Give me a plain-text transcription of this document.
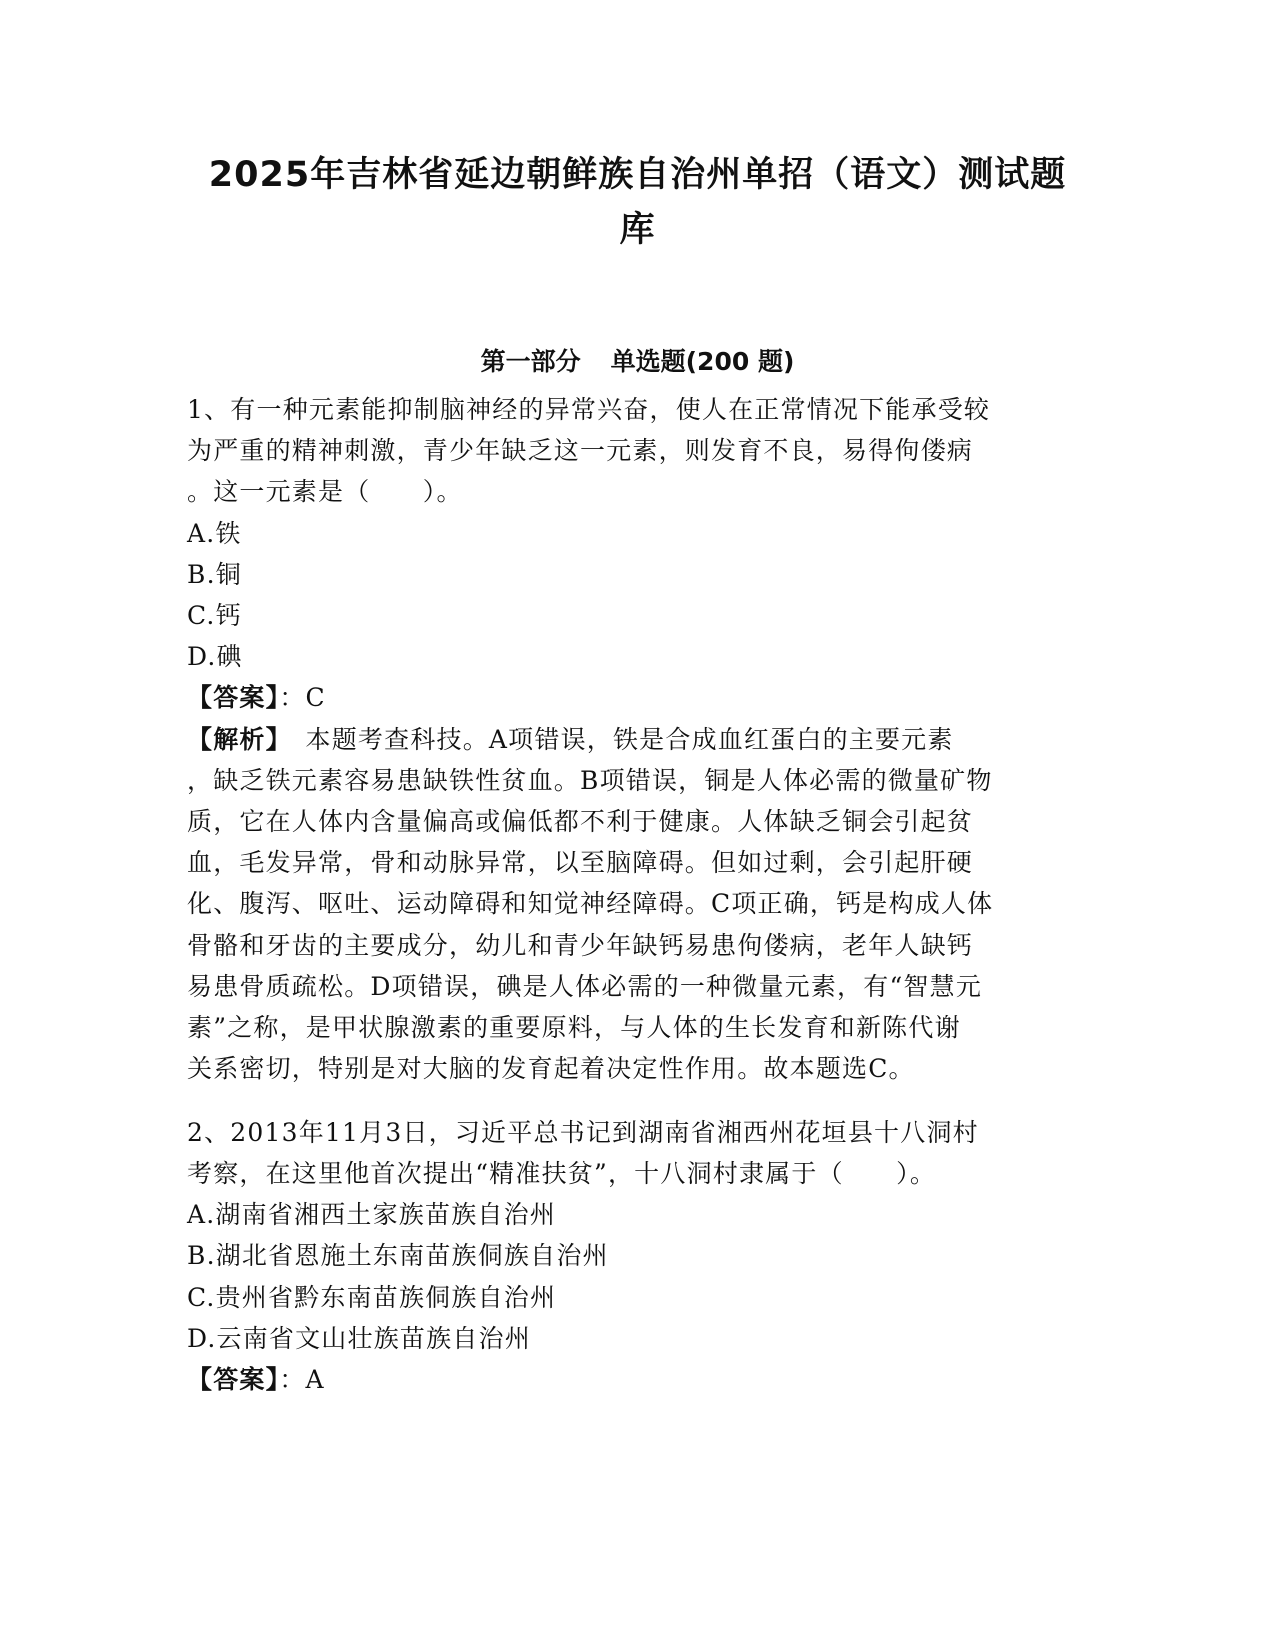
2025年吉林省延边朝鲜族自治州单招（语文）测试题
库
第一部分 单选题(200 题)
1、有一种元素能抑制脑神经的异常兴奋，使人在正常情况下能承受较
为严重的精神刺激，青少年缺乏这一元素，则发育不良，易得佝偻病
。这一元素是（　　）。
A.铁
B.铜
C.钙
D.碘
【答案】：C
【解析】　本题考查科技。A项错误，铁是合成血红蛋白的主要元素
，缺乏铁元素容易患缺铁性贫血。B项错误，铜是人体必需的微量矿物
质，它在人体内含量偏高或偏低都不利于健康。人体缺乏铜会引起贫
血，毛发异常，骨和动脉异常，以至脑障碍。但如过剩，会引起肝硬
化、腹泻、呕吐、运动障碍和知觉神经障碍。C项正确，钙是构成人体
骨骼和牙齿的主要成分，幼儿和青少年缺钙易患佝偻病，老年人缺钙
易患骨质疏松。D项错误，碘是人体必需的一种微量元素，有“智慧元
素”之称，是甲状腺激素的重要原料，与人体的生长发育和新陈代谢
关系密切，特别是对大脑的发育起着决定性作用。故本题选C。
2、2013年11月3日，习近平总书记到湖南省湘西州花垣县十八洞村
考察，在这里他首次提出“精准扶贫”，十八洞村隶属于（　　）。
A.湖南省湘西土家族苗族自治州
B.湖北省恩施土东南苗族侗族自治州
C.贵州省黔东南苗族侗族自治州
D.云南省文山壮族苗族自治州
【答案】：A
